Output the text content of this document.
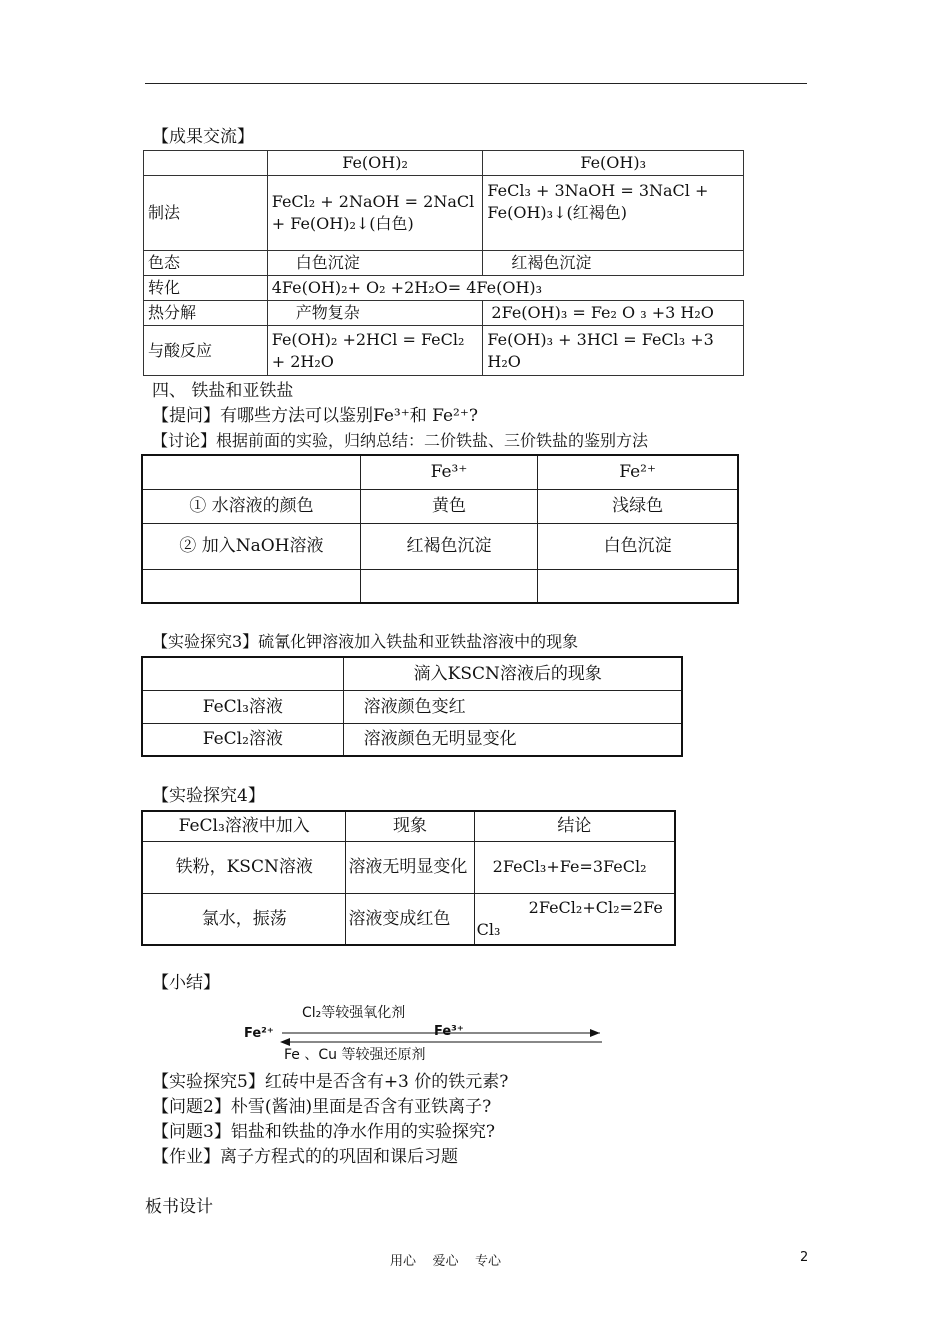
【成果交流】
	Fe(OH)₂	Fe(OH)₃
制法	FeCl₂ + 2NaOH = 2NaCl + Fe(OH)₂↓(白色)	FeCl₃ + 3NaOH = 3NaCl + Fe(OH)₃↓(红褐色)
色态	白色沉淀	红褐色沉淀
转化	4Fe(OH)₂+ O₂ +2H₂O= 4Fe(OH)₃	
热分解	产物复杂	2Fe(OH)₃ = Fe₂ O ₃ +3 H₂O
与酸反应	Fe(OH)₂ +2HCl = FeCl₂ + 2H₂O	Fe(OH)₃ + 3HCl = FeCl₃ +3 H₂O
四、 铁盐和亚铁盐
【提问】有哪些方法可以鉴别Fe³⁺和 Fe²⁺?
【讨论】根据前面的实验，归纳总结：二价铁盐、三价铁盐的鉴别方法
	Fe³⁺	Fe²⁺
① 水溶液的颜色	黄色	浅绿色
② 加入NaOH溶液	红褐色沉淀	白色沉淀

【实验探究3】硫氰化钾溶液加入铁盐和亚铁盐溶液中的现象
	滴入KSCN溶液后的现象
FeCl₃溶液	溶液颜色变红
FeCl₂溶液	溶液颜色无明显变化
【实验探究4】
FeCl₃溶液中加入	现象	结论
铁粉，KSCN溶液	溶液无明显变化	2FeCl₃+Fe=3FeCl₂
氯水，振荡	溶液变成红色	2FeCl₂+Cl₂=2FeCl₃
【小结】
Cl₂等较强氧化剂
Fe²⁺	Fe³⁺
Fe 、Cu 等较强还原剂
【实验探究5】红砖中是否含有+3 价的铁元素?
【问题2】朴雪(酱油)里面是否含有亚铁离子?
【问题3】铝盐和铁盐的净水作用的实验探究?
【作业】离子方程式的的巩固和课后习题
板书设计
用心    爱心    专心	2
